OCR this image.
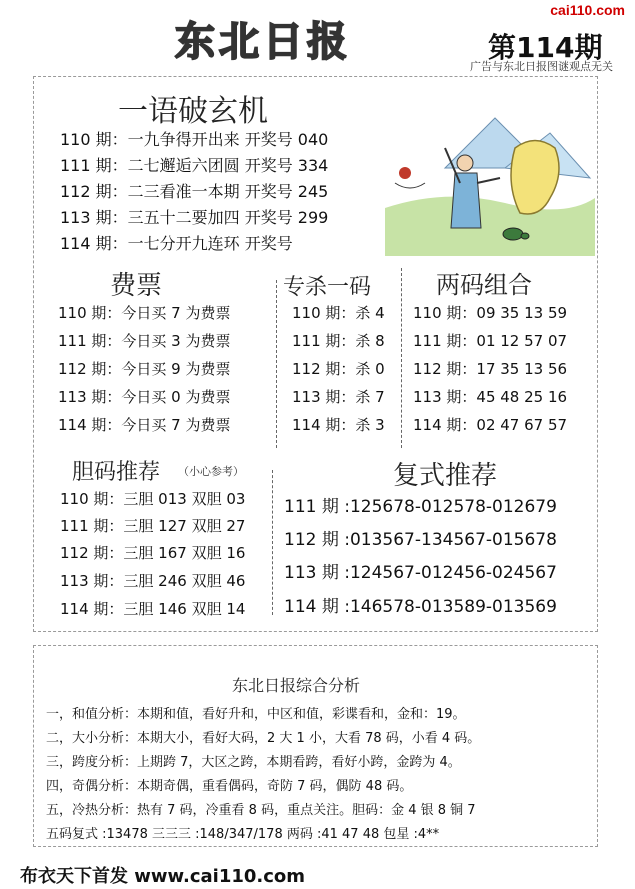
东北日报
cai110.com
第114期
广告与东北日报图谜观点无关
一语破玄机
110 期：一九争得开出来 开奖号 040
111 期：二七邂逅六团圆 开奖号 334
112 期：二三看准一本期 开奖号 245
113 期：三五十二要加四 开奖号 299
114 期：一七分开九连环 开奖号
费票
110 期：今日买 7 为费票
111 期：今日买 3 为费票
112 期：今日买 9 为费票
113 期：今日买 0 为费票
114 期：今日买 7 为费票
专杀一码
110 期：杀 4
111 期：杀 8
112 期：杀 0
113 期：杀 7
114 期：杀 3
两码组合
110 期：09 35 13 59
111 期：01 12 57 07
112 期：17 35 13 56
113 期：45 48 25 16
114 期：02 47 67 57
胆码推荐 （小心参考）
110 期：三胆 013 双胆 03
111 期：三胆 127 双胆 27
112 期：三胆 167 双胆 16
113 期：三胆 246 双胆 46
114 期：三胆 146 双胆 14
复式推荐
111 期 :125678-012578-012679
112 期 :013567-134567-015678
113 期 :124567-012456-024567
114 期 :146578-013589-013569
东北日报综合分析
一，和值分析：本期和值，看好升和，中区和值，彩谍看和，金和：19。
二，大小分析：本期大小，看好大码，2 大 1 小，大看 78 码，小看 4 码。
三，跨度分析：上期跨 7，大区之跨，本期看跨，看好小跨，金跨为 4。
四，奇偶分析：本期奇偶，重看偶码，奇防 7 码，偶防 48 码。
五，冷热分析：热有 7 码，冷重看 8 码，重点关注。胆码：金 4 银 8 铜 7
五码复式 :13478 三三三 :148/347/178 两码 :41 47 48 包星 :4**
布衣天下首发 www.cai110.com
